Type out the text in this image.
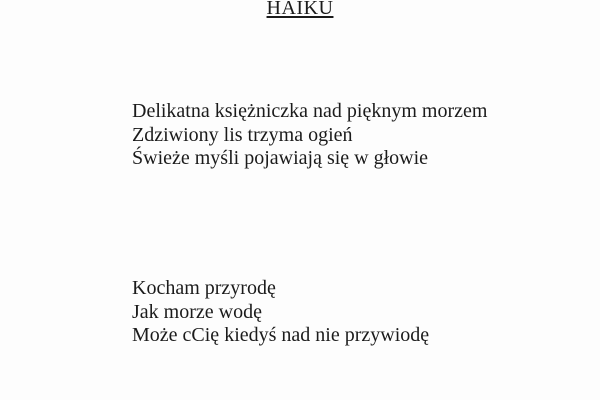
HAIKU

Delikatna księżniczka nad pięknym morzem

Zdziwiony lis trzyma ogień

Świeże myśli pojawiają się w głowie

Kocham przyrodę

Jak morze wodę

Może cCię kiedyś nad nie przywiodę
